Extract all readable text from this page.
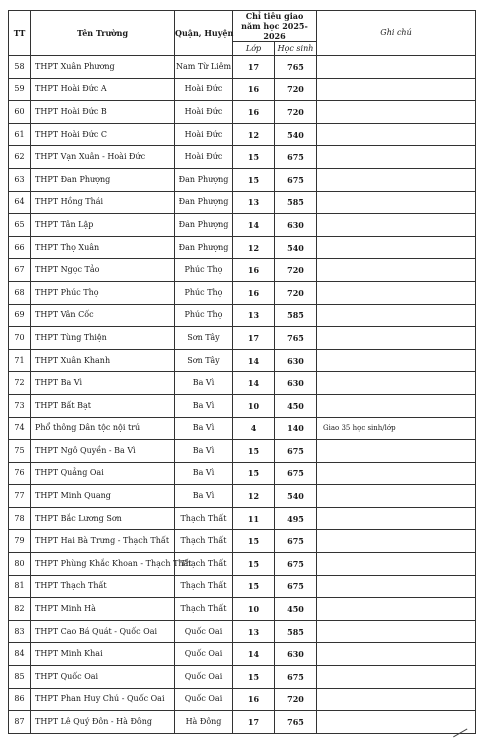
TT	Tên Trường	Quận, Huyện	Chỉ tiêu giao năm học 2025- 2026		Ghi chú
			Lớp	Học sinh	
58	THPT Xuân Phương	Nam Từ Liêm	17	765	
59	THPT Hoài Đức A	Hoài Đức	16	720	
60	THPT Hoài Đức B	Hoài Đức	16	720	
61	THPT Hoài Đức C	Hoài Đức	12	540	
62	THPT Vạn Xuân - Hoài Đức	Hoài Đức	15	675	
63	THPT Đan Phượng	Đan Phượng	15	675	
64	THPT Hồng Thái	Đan Phượng	13	585	
65	THPT Tân Lập	Đan Phượng	14	630	
66	THPT Thọ Xuân	Đan Phượng	12	540	
67	THPT Ngọc Tảo	Phúc Thọ	16	720	
68	THPT Phúc Thọ	Phúc Thọ	16	720	
69	THPT Vân Cốc	Phúc Thọ	13	585	
70	THPT Tùng Thiện	Sơn Tây	17	765	
71	THPT Xuân Khanh	Sơn Tây	14	630	
72	THPT Ba Vì	Ba Vì	14	630	
73	THPT Bất Bạt	Ba Vì	10	450	
74	Phổ thông Dân tộc nội trú	Ba Vì	4	140	Giao 35 học sinh/lớp
75	THPT Ngô Quyền - Ba Vì	Ba Vì	15	675	
76	THPT Quảng Oai	Ba Vì	15	675	
77	THPT Minh Quang	Ba Vì	12	540	
78	THPT Bắc Lương Sơn	Thạch Thất	11	495	
79	THPT Hai Bà Trưng - Thạch Thất	Thạch Thất	15	675	
80	THPT Phùng Khắc Khoan - Thạch Thất	Thạch Thất	15	675	
81	THPT Thạch Thất	Thạch Thất	15	675	
82	THPT Minh Hà	Thạch Thất	10	450	
83	THPT Cao Bá Quát - Quốc Oai	Quốc Oai	13	585	
84	THPT Minh Khai	Quốc Oai	14	630	
85	THPT Quốc Oai	Quốc Oai	15	675	
86	THPT Phan Huy Chú - Quốc Oai	Quốc Oai	16	720	
87	THPT Lê Quý Đôn - Hà Đông	Hà Đông	17	765	
